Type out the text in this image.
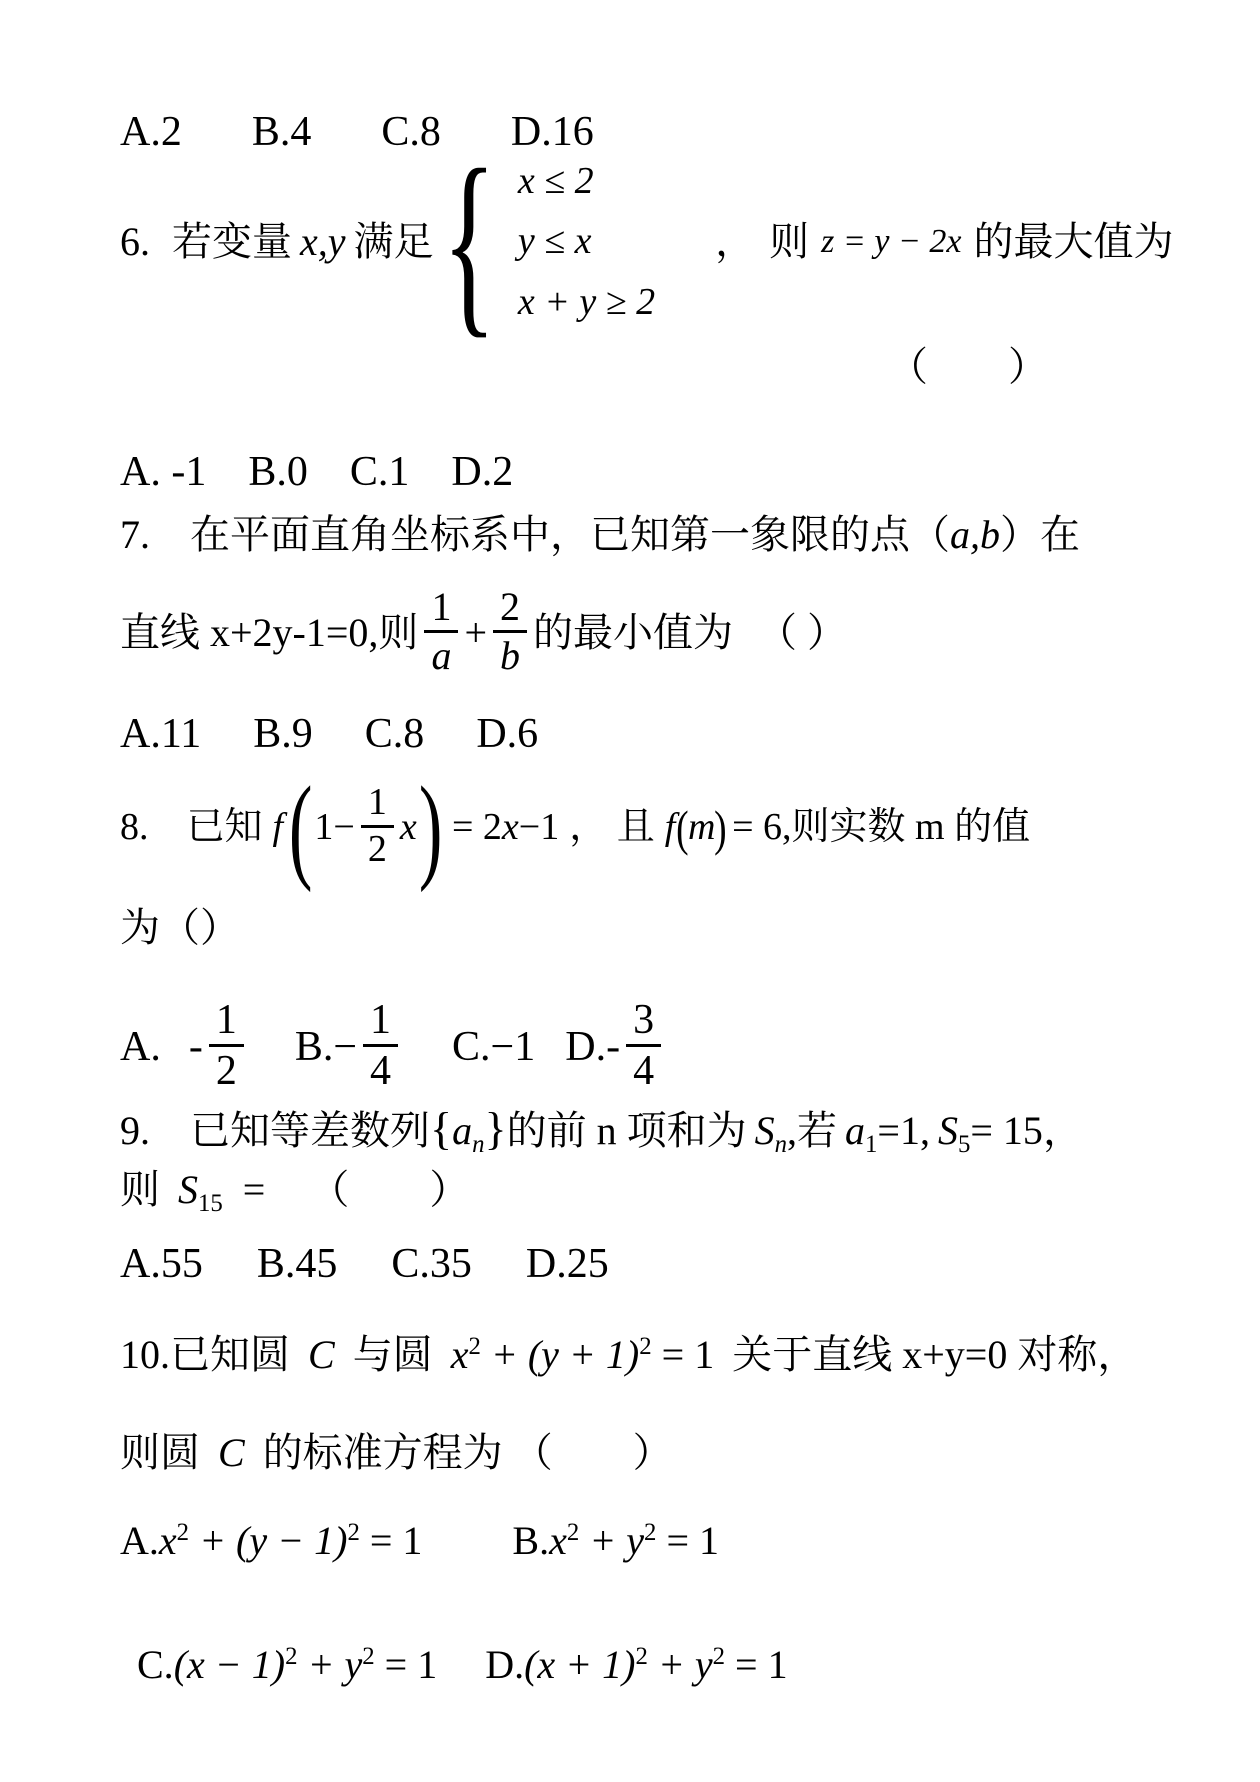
A.2 B.4 C.8 D.16
6. 若变量 x,y 满足 { x ≤ 2
y ≤ x
x + y ≥ 2
， 则 z = y − 2x 的最大值为
（　　）
A. -1 B.0 C.1 D.2
7.　在平面直角坐标系中，已知第一象限的点（a,b）在
直线 x+2y-1=0,则 $\frac{1}{a} + \frac{2}{b}$ 的最小值为 （ ）
A.11 B.9 C.8 D.6
8.　已知 f ( $1- \frac{1}{2}$ x ) = 2 x −1 ， 且 f ( m ) = 6 ,则实数 m 的值
为（）
A. - $\frac{1}{2} B$. − $\frac{1}{4} C.-1$ D. - $\frac{3}{4}$
9.　已知等差数列$\{a_n\}$的前 n 项和为 $S_n$,若 $a_1=1$, $S_5= 15$，
则 $S_{15}$ = （　　）
A.55 B.45 C.35 D.25
10.已知圆 C 与圆 $x^2 + (y + 1)^2 = 1$ 关于直线 x+y=0 对称，
则圆 C 的标准方程为 （　　）
$A.x^2 + (y - 1)^2 = 1$ $B.x^2 + y^2 = 1$
$C.(x - 1)^2 + y^2 = 1$ $D.(x + 1)^2 + y^2 = 1$
